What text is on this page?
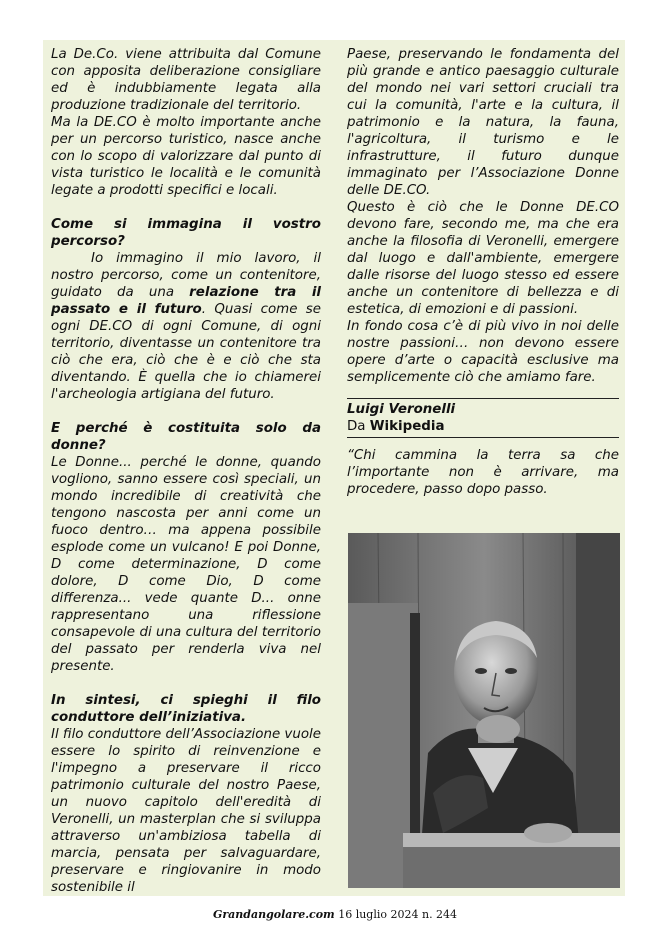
La De.Co. viene attribuita dal Comune con apposita deliberazione consigliare ed è indubbiamente legata alla produzione tradizionale del territorio.

Ma la DE.CO è molto importante anche per un percorso turistico, nasce anche con lo scopo di valorizzare dal punto di vista turistico le località e le comunità legate a prodotti specifici e locali.

Come si immagina il vostro percorso?

Io immagino il mio lavoro, il nostro percorso, come un contenitore, guidato da una relazione tra il passato e il futuro. Quasi come se ogni DE.CO di ogni Comune, di ogni territorio, diventasse un contenitore tra ciò che era, ciò che è e ciò che sta diventando. È quella che io chiamerei l'archeologia artigiana del futuro.

E perché è costituita solo da donne?

Le Donne... perché le donne, quando vogliono, sanno essere così speciali, un mondo incredibile di creatività che tengono nascosta per anni come un fuoco dentro… ma appena possibile esplode come un vulcano! E poi Donne, D come determinazione, D come dolore, D come Dio, D come differenza... vede quante D... onne rappresentano una riflessione consapevole di una cultura del territorio del passato per renderla viva nel presente.

In sintesi, ci spieghi il filo conduttore dell’iniziativa.

Il filo conduttore dell’Associazione vuole essere lo spirito di reinvenzione e l'impegno a preservare il ricco patrimonio culturale del nostro Paese, un nuovo capitolo dell'eredità di Veronelli, un masterplan che si sviluppa attraverso un'ambiziosa tabella di marcia, pensata per salvaguardare, preservare e ringiovanire in modo sostenibile il

Paese, preservando le fondamenta del più grande e antico paesaggio culturale del mondo nei vari settori cruciali tra cui la comunità, l'arte e la cultura, il patrimonio e la natura, la fauna, l'agricoltura, il turismo e le infrastrutture, il futuro dunque immaginato per l’Associazione Donne delle DE.CO.

Questo è ciò che le Donne DE.CO devono fare, secondo me, ma che era anche la filosofia di Veronelli, emergere dal luogo e dall'ambiente, emergere dalle risorse del luogo stesso ed essere anche un contenitore di bellezza e di estetica, di emozioni e di passioni.

In fondo cosa c’è di più vivo in noi delle nostre passioni… non devono essere opere d’arte o capacità esclusive ma semplicemente ciò che amiamo fare.

Luigi Veronelli

Da Wikipedia

“Chi cammina la terra sa che l’importante non è arrivare, ma procedere, passo dopo passo.

Grandangolare.com 16 luglio 2024 n. 244
